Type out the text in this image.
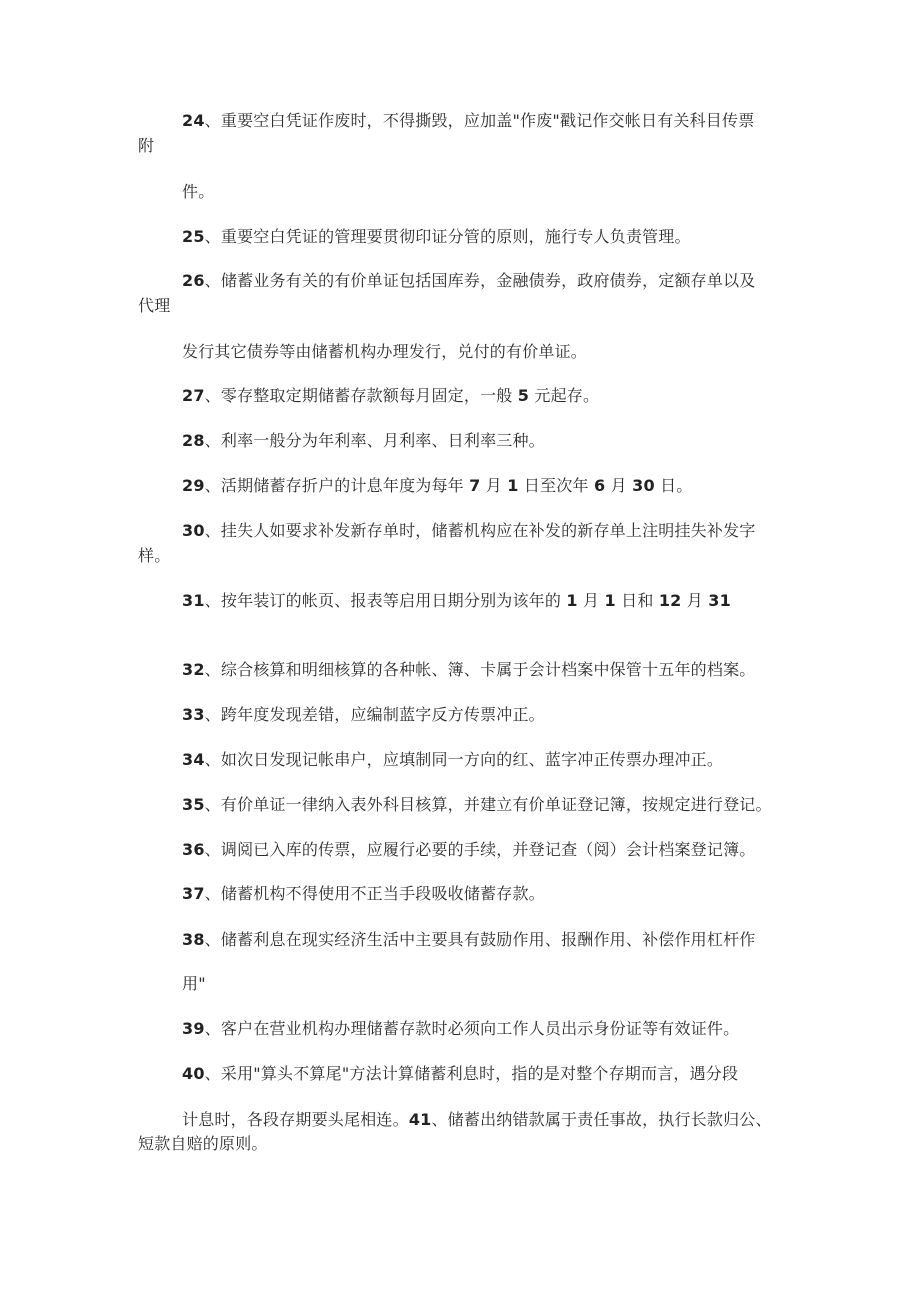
24、重要空白凭证作废时，不得撕毁，应加盖"作废"戳记作交帐日有关科目传票
附
件。
25、重要空白凭证的管理要贯彻印证分管的原则，施行专人负责管理。
26、储蓄业务有关的有价单证包括国库券，金融债券，政府债券，定额存单以及
代理
发行其它债券等由储蓄机构办理发行，兑付的有价单证。
27、零存整取定期储蓄存款额每月固定，一般 5 元起存。
28、利率一般分为年利率、月利率、日利率三种。
29、活期储蓄存折户的计息年度为每年 7 月 1 日至次年 6 月 30 日。
30、挂失人如要求补发新存单时，储蓄机构应在补发的新存单上注明挂失补发字
样。
31、按年装订的帐页、报表等启用日期分别为该年的 1 月 1 日和 12 月 31
32、综合核算和明细核算的各种帐、簿、卡属于会计档案中保管十五年的档案。
33、跨年度发现差错，应编制蓝字反方传票冲正。
34、如次日发现记帐串户，应填制同一方向的红、蓝字冲正传票办理冲正。
35、有价单证一律纳入表外科目核算，并建立有价单证登记簿，按规定进行登记。
36、调阅已入库的传票，应履行必要的手续，并登记查（阅）会计档案登记簿。
37、储蓄机构不得使用不正当手段吸收储蓄存款。
38、储蓄利息在现实经济生活中主要具有鼓励作用、报酬作用、补偿作用杠杆作
用"
39、客户在营业机构办理储蓄存款时必须向工作人员出示身份证等有效证件。
40、采用"算头不算尾"方法计算储蓄利息时，指的是对整个存期而言，遇分段
计息时，各段存期要头尾相连。41、储蓄出纳错款属于责任事故，执行长款归公、
短款自赔的原则。
